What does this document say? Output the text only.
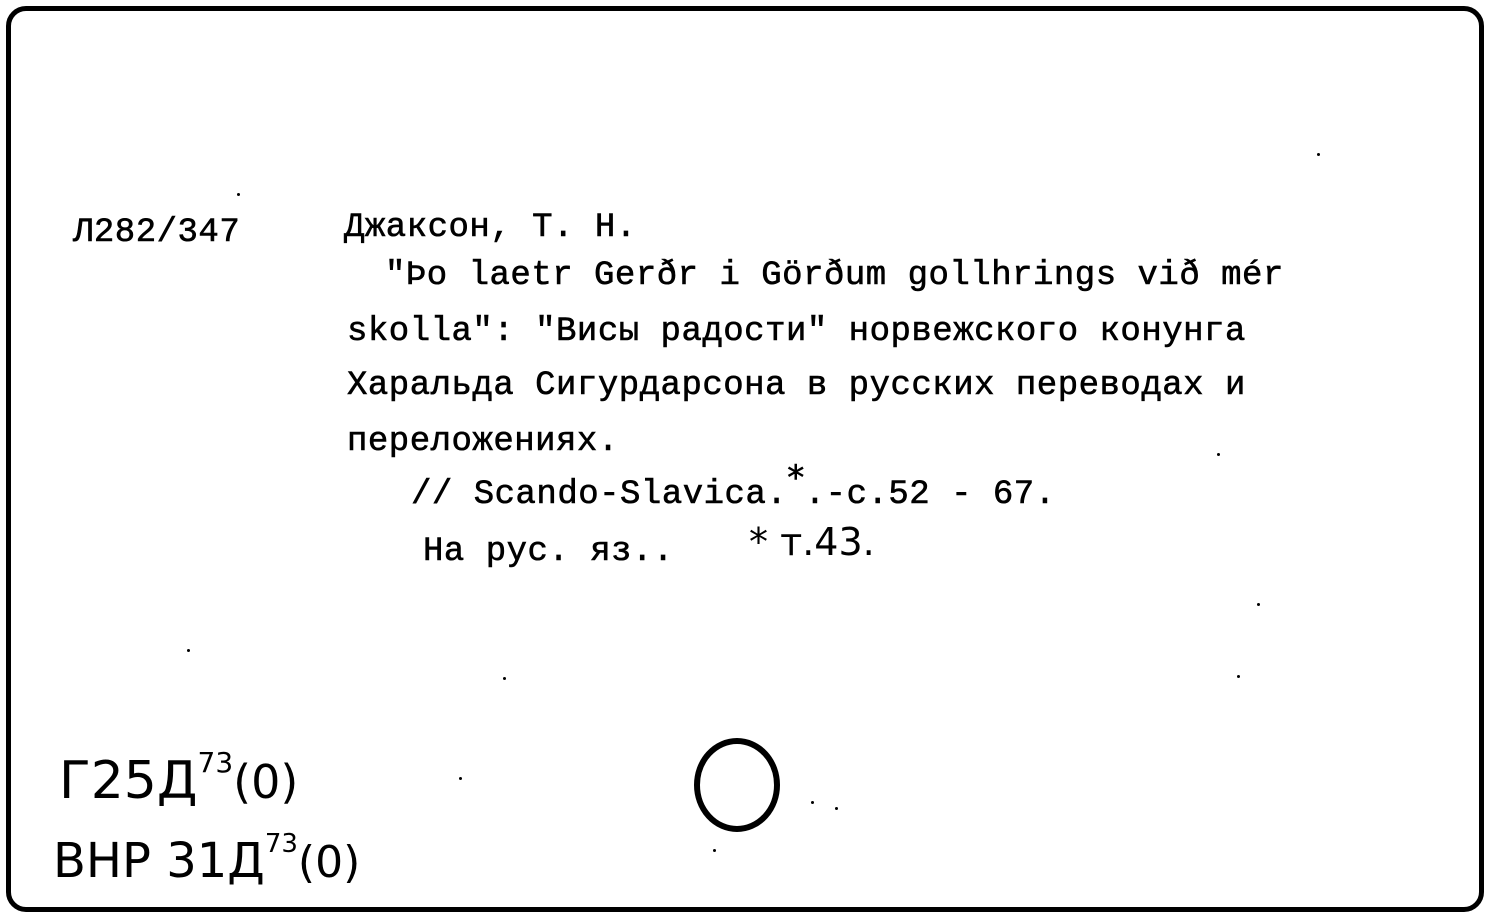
Л282/347	Джаксон, Т. Н.
"Þo laetr Gerðr i Görðum gollhrings við mér
skolla": "Висы радости" норвежского конунга
Харальда Сигурдарсона в русских переводах и
переложениях.
// Scando-Slavica.*.-с.52 - 67.
На рус. яз.. * т.43.
$Г25Д^{73}(0)$
ВНР $31Д^{73}(0)$
